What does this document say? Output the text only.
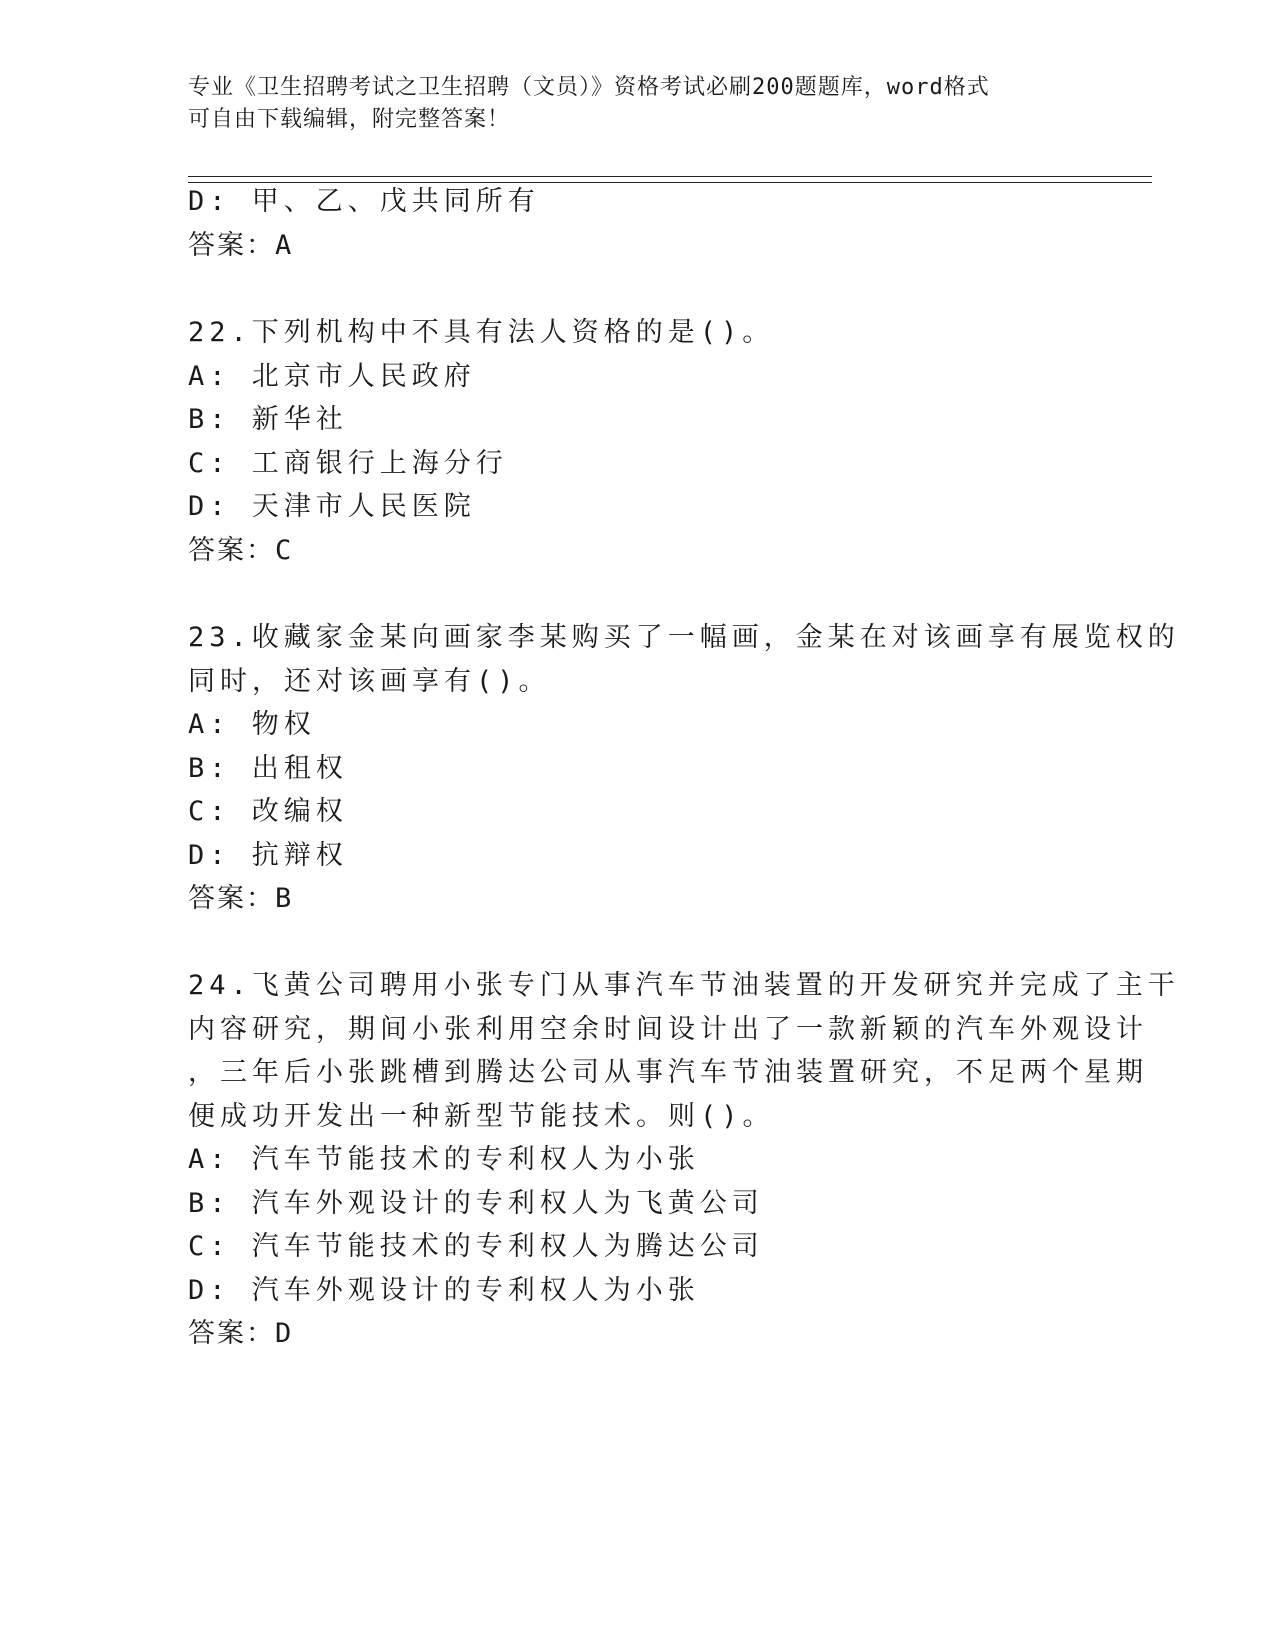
专业《卫生招聘考试之卫生招聘（文员）》资格考试必刷200题题库，word格式
可自由下载编辑，附完整答案！
D: 甲、乙、戊共同所有
答案：A
22.下列机构中不具有法人资格的是()。
A: 北京市人民政府
B: 新华社
C: 工商银行上海分行
D: 天津市人民医院
答案：C
23.收藏家金某向画家李某购买了一幅画，金某在对该画享有展览权的
同时，还对该画享有()。
A: 物权
B: 出租权
C: 改编权
D: 抗辩权
答案：B
24.飞黄公司聘用小张专门从事汽车节油装置的开发研究并完成了主干
内容研究，期间小张利用空余时间设计出了一款新颖的汽车外观设计
，三年后小张跳槽到腾达公司从事汽车节油装置研究，不足两个星期
便成功开发出一种新型节能技术。则()。
A: 汽车节能技术的专利权人为小张
B: 汽车外观设计的专利权人为飞黄公司
C: 汽车节能技术的专利权人为腾达公司
D: 汽车外观设计的专利权人为小张
答案：D
